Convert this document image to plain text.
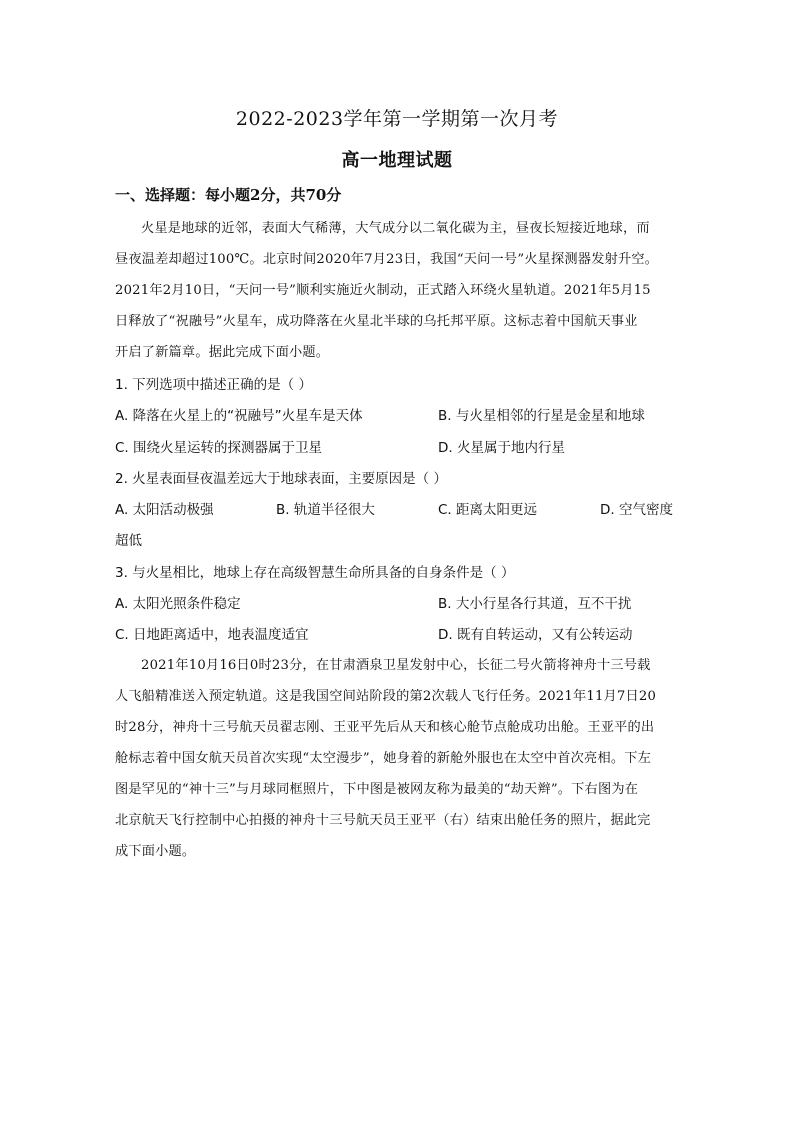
2022-2023学年第一学期第一次月考
高一地理试题
一、选择题：每小题2分，共70分
火星是地球的近邻，表面大气稀薄，大气成分以二氧化碳为主，昼夜长短接近地球，而
昼夜温差却超过100℃。北京时间2020年7月23日，我国“天问一号”火星探测器发射升空。
2021年2月10日，“天问一号”顺利实施近火制动，正式踏入环绕火星轨道。2021年5月15
日释放了“祝融号”火星车，成功降落在火星北半球的乌托邦平原。这标志着中国航天事业
开启了新篇章。据此完成下面小题。
1. 下列选项中描述正确的是（ ）
A. 降落在火星上的“祝融号”火星车是天体	B. 与火星相邻的行星是金星和地球
C. 围绕火星运转的探测器属于卫星	D. 火星属于地内行星
2. 火星表面昼夜温差远大于地球表面，主要原因是（ ）
A. 太阳活动极强	B. 轨道半径很大	C. 距离太阳更远	D. 空气密度
超低
3. 与火星相比，地球上存在高级智慧生命所具备的自身条件是（ ）
A. 太阳光照条件稳定	B. 大小行星各行其道，互不干扰
C. 日地距离适中，地表温度适宜	D. 既有自转运动，又有公转运动
2021年10月16日0时23分，在甘肃酒泉卫星发射中心，长征二号火箭将神舟十三号载
人飞船精准送入预定轨道。这是我国空间站阶段的第2次载人飞行任务。2021年11月7日20
时28分，神舟十三号航天员翟志刚、王亚平先后从天和核心舱节点舱成功出舱。王亚平的出
舱标志着中国女航天员首次实现“太空漫步”，她身着的新舱外服也在太空中首次亮相。下左
图是罕见的“神十三”与月球同框照片，下中图是被网友称为最美的“劫天辫”。下右图为在
北京航天飞行控制中心拍摄的神舟十三号航天员王亚平（右）结束出舱任务的照片，据此完
成下面小题。
